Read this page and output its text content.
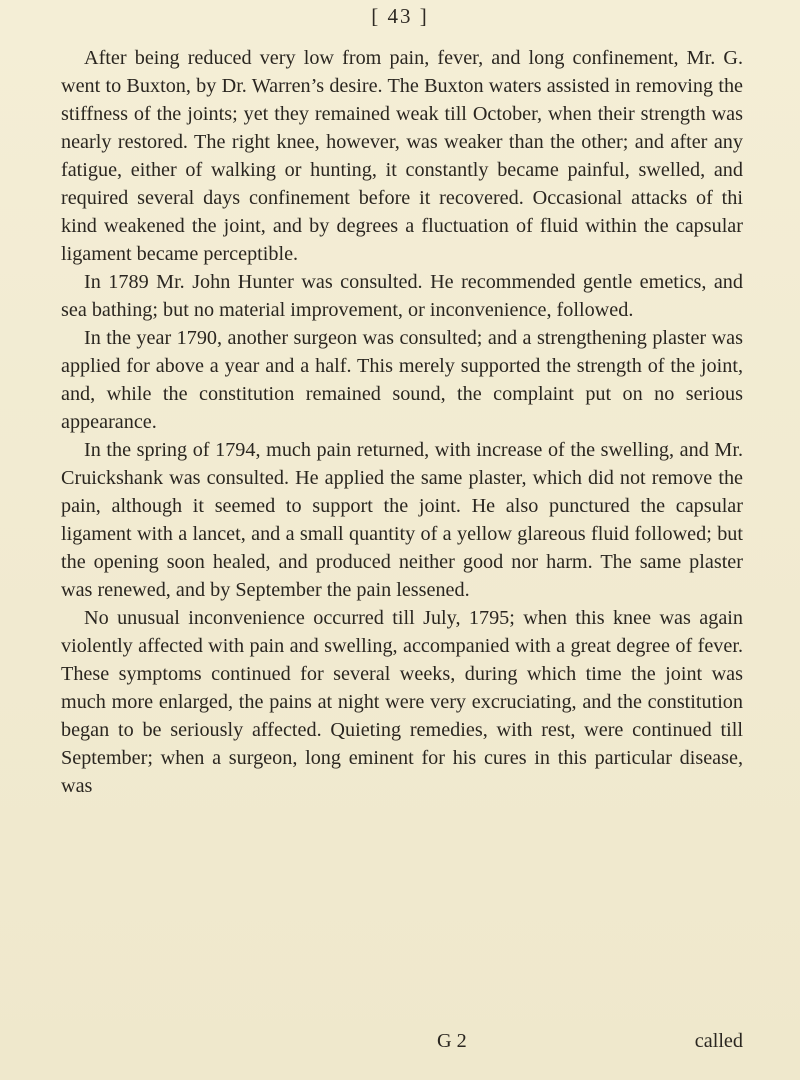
[ 43 ]

After being reduced very low from pain, fever, and long confinement, Mr. G. went to Buxton, by Dr. Warren’s desire. The Buxton waters assisted in removing the stiffness of the joints; yet they remained weak till October, when their strength was nearly restored. The right knee, however, was weaker than the other; and after any fatigue, either of walking or hunting, it constantly became painful, swelled, and required several days confinement before it recovered. Occasional attacks of thi kind weakened the joint, and by degrees a fluctuation of fluid within the capsular ligament became perceptible.

In 1789 Mr. John Hunter was consulted. He recommended gentle emetics, and sea bathing; but no material improvement, or inconvenience, followed.

In the year 1790, another surgeon was consulted; and a strengthening plaster was applied for above a year and a half. This merely supported the strength of the joint, and, while the constitution remained sound, the complaint put on no serious appearance.

In the spring of 1794, much pain returned, with increase of the swelling, and Mr. Cruickshank was consulted. He applied the same plaster, which did not remove the pain, although it seemed to support the joint. He also punctured the capsular ligament with a lancet, and a small quantity of a yellow glareous fluid followed; but the opening soon healed, and produced neither good nor harm. The same plaster was renewed, and by September the pain lessened.

No unusual inconvenience occurred till July, 1795; when this knee was again violently affected with pain and swelling, accompanied with a great degree of fever. These symptoms continued for several weeks, during which time the joint was much more enlarged, the pains at night were very excruciating, and the constitution began to be seriously affected. Quieting remedies, with rest, were continued till September; when a surgeon, long eminent for his cures in this particular disease, was

G 2	called
